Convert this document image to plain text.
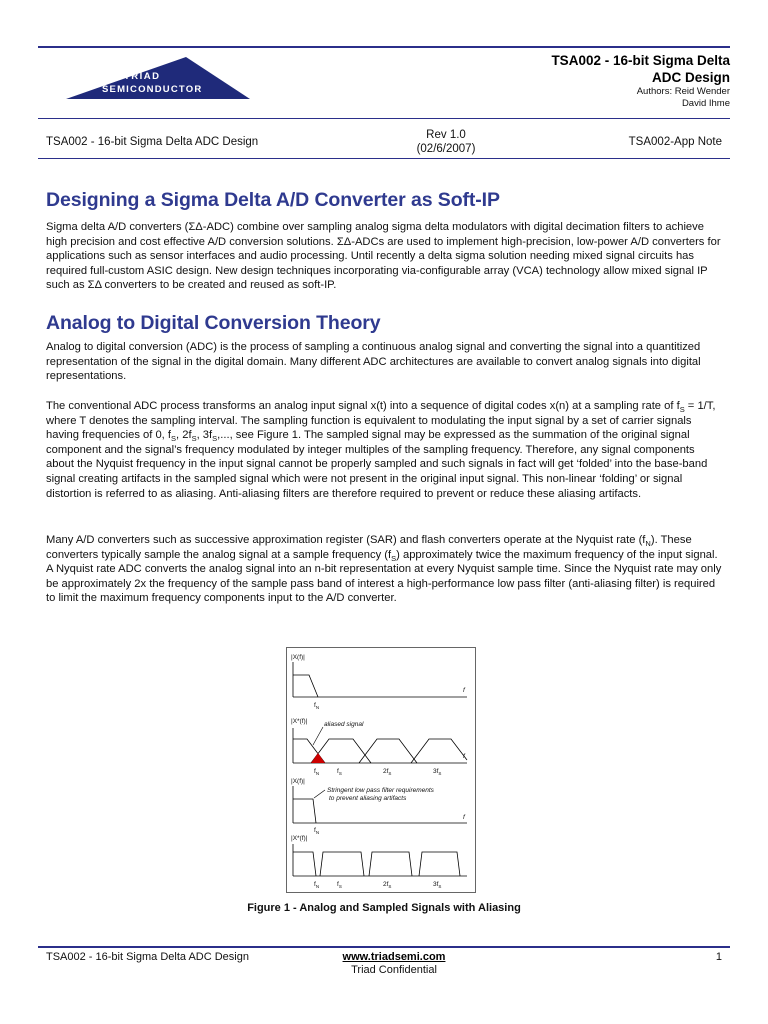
TRIAD
SEMICONDUCTOR
TSA002 - 16-bit Sigma Delta
ADC Design
Authors: Reid Wender
David Ihme
TSA002 - 16-bit Sigma Delta ADC Design
Rev 1.0
(02/6/2007)
TSA002-App Note
Designing a Sigma Delta A/D Converter as Soft-IP

Sigma delta A/D converters (ΣΔ-ADC) combine over sampling analog sigma delta modulators with digital decimation filters to achieve high precision and cost effective A/D conversion solutions. ΣΔ-ADCs are used to implement high-precision, low-power A/D converters for applications such as sensor interfaces and audio processing. Until recently a delta sigma solution needing mixed signal circuits has required full-custom ASIC design. New design techniques incorporating via-configurable array (VCA) technology allow mixed signal IP such as ΣΔ converters to be created and reused as soft-IP.

Analog to Digital Conversion Theory

Analog to digital conversion (ADC) is the process of sampling a continuous analog signal and converting the signal into a quantitized representation of the signal in the digital domain. Many different ADC architectures are available to convert analog signals into digital representations.

The conventional ADC process transforms an analog input signal x(t) into a sequence of digital codes x(n) at a sampling rate of $f_S = 1/T$, where T denotes the sampling interval. The sampling function is equivalent to modulating the input signal by a set of carrier signals having frequencies of 0, $f_S$, $2f_S$, $3f_S$,..., see Figure 1. The sampled signal may be expressed as the summation of the original signal component and the signal’s frequency modulated by integer multiples of the sampling frequency. Therefore, any signal components about the Nyquist frequency in the input signal cannot be properly sampled and such signals in fact will get ‘folded’ into the base-band signal creating artifacts in the sampled signal which were not present in the original input signal. This non-linear ‘folding’ or signal distortion is referred to as aliasing. Anti-aliasing filters are therefore required to prevent or reduce these aliasing artifacts.

Many A/D converters such as successive approximation register (SAR) and flash converters operate at the Nyquist rate $(f_N)$. These converters typically sample the analog signal at a sample frequency $(f_S)$ approximately twice the maximum frequency of the input signal. A Nyquist rate ADC converts the analog signal into an n-bit representation at every Nyquist sample time. Since the Nyquist rate may only be approximately 2x the frequency of the sample pass band of interest a high-performance low pass filter (anti-aliasing filter) is required to limit the maximum frequency components input to the A/D converter.

|X(f)|
f
$f_N$
|X*(f)|	aliased signal
f
$f_N$	$f_S$	$2f_S$	$3f_S$
|X(f)|
Stringent low pass filter requirements
to prevent aliasing artifacts
f
$f_N$
|X*(f)|
$f_N$	$f_S$	$2f_S$	$3f_S$
Figure 1 - Analog and Sampled Signals with Aliasing
TSA002 - 16-bit Sigma Delta ADC Design	www.triadsemi.com
Triad Confidential
1
